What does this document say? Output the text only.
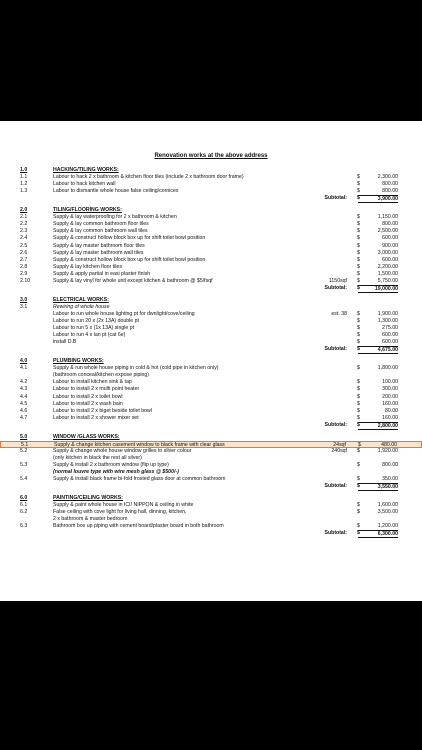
Renovation works at the above address
1.0	HACKING/TILING WORKS:
1.1	Labour to hack 2 x bathroom & kitchen floor tiles (include 2 x bathroom door frame)	$	2,300.00
1.2	Labour to hack kitchen wall	$	800.00
1.3	Labour to dismantle whole house false ceiling/cornices	$	800.00
Subtotal: $	3,900.00
2.0	TILING/FLOORING WORKS:
2.1	Supply & lay waterproofing for 2 x bathroom & kitchen	$	1,150.00
2.2	Supply & lay common bathroom floor tiles	$	800.00
2.3	Supply & lay common bathroom wall tiles	$	2,500.00
2.4	Supply & construct hollow block box up for shift toilet bowl position	$	600.00
2.5	Supply & lay master bathroom floor tiles	$	900.00
2.6	Supply & lay master bathroom wall tiles	$	3,000.00
2.7	Supply & construct hollow block box up for shift toilet bowl position	$	600.00
2.8	Supply & lay kitchen floor tiles	$	2,200.00
2.9	Supply & apply partial in easi plaster finish	$	1,500.00
2.10	Supply & lay vinyl for whole unit except kitchen & bathroom @ $5/fsqf	1150sqf $	5,750.00
Subtotal: $	19,000.00
3.0	ELECTRICAL WORKS:
3.1	Rewiring of whole house
Labour to run whole house lighting pt for dwnlight/cove/ceiling	est. 38 $	1,900.00
Labour to run 20 x (2x 13A) double pt	$	1,300.00
Labour to run 5 x (1x 13A) single pt	$	275.00
Labour to run 4 x lan pt (cat 6e)	$	600.00
install D.B	$	600.00
Subtotal: $	4,675.00
4.0	PLUMBING WORKS:
4.1	Supply & run whole house piping in cold & hot (cold pipe in kitchen only)	$	1,800.00
(bathroom conceal/kitchen expose piping)
4.2	Labour to install kitchen sink & tap	$	100.00
4.3	Labour to install 2 x multi point heater	$	300.00
4.4	Labour to install 2 x toilet bowl	$	200.00
4.5	Labour to install 2 x wash bain	$	160.00
4.6	Labour to install 2 x biget beside toilet bowl	$	80.00
4.7	Labour to install 2 x shower mixer set	$	160.00
Subtotal: $	2,800.00
5.0	WINDOW /GLASS WORKS:
5.1	Supply & change kitchen casement window to black frame with clear glass	24sqf $	480.00
5.2	Supply & change whole house window grilles to sliver colour	240sqf $	1,920.00
(only kitchen in black the rest all silver)
5.3	Supply & install 2 x bathroom window (flip up type)	$	800.00
(normal louvre type with wire mesh glass @ $500/-)
5.4	Supply & install black frame bi-fold frosted glass door at common bathroom	$	350.00
Subtotal: $	3,550.00
6.0	PAINTING/CEILING WORKS:
6.1	Supply & paint whole house in ICI/ NIPPON & ceiling in white	$	1,600.00
6.2	False ceiling with cove light for living hall, dinning, kitchen,	$	3,500.00
2 x bathroom & master bedroom
6.3	Bathroom box up piping with cement board/plaster board in both bathroom	$	1,200.00
Subtotal: $	6,300.00
